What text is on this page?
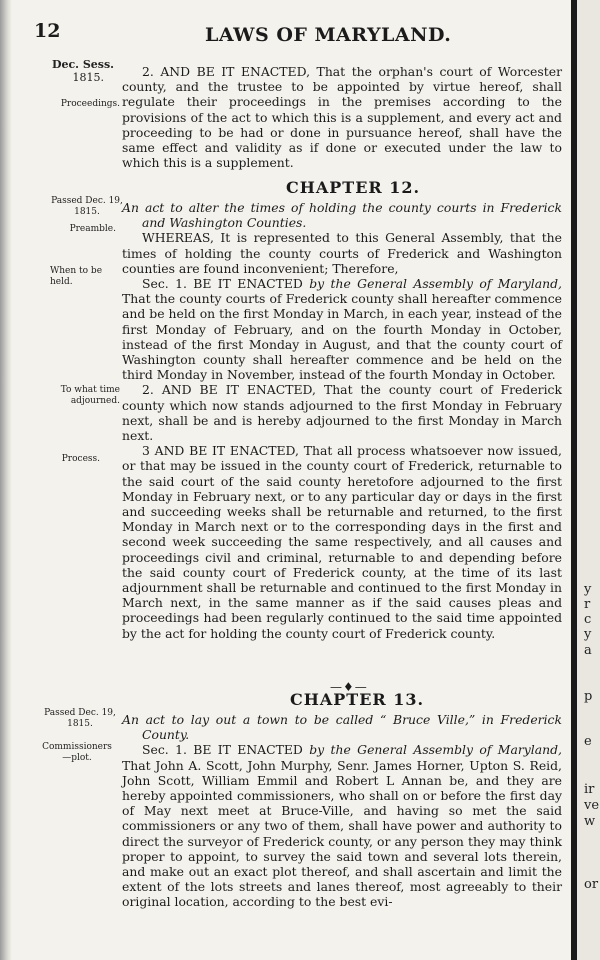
y
r
c
y
a
p
e
ir
ve
w
or
12	LAWS OF MARYLAND.
Dec. Sess.
1815.
Proceedings.
Passed Dec. 19, 1815.
Preamble.
When to be held.
To what time adjourned.
Process.
Passed Dec. 19, 1815.
Commissioners—plot.

2. AND BE IT ENACTED, That the orphan's court of Worcester county, and the trustee to be appointed by virtue hereof, shall regulate their proceedings in the premises according to the provisions of the act to which this is a supplement, and every act and proceeding to be had or done in pursuance hereof, shall have the same effect and validity as if done or executed under the law to which this is a supplement.

CHAPTER 12.

An act to alter the times of holding the county courts in Frederick and Washington Counties.

WHEREAS, It is represented to this General Assembly, that the times of holding the county courts of Frederick and Washington counties are found inconvenient; Therefore,

Sec. 1. BE IT ENACTED by the General Assembly of Maryland, That the county courts of Frederick county shall hereafter commence and be held on the first Monday in March, in each year, instead of the first Monday of February, and on the fourth Monday in October, instead of the first Monday in August, and that the county court of Washington county shall hereafter commence and be held on the third Monday in November, instead of the fourth Monday in October.

2. AND BE IT ENACTED, That the county court of Frederick county which now stands adjourned to the first Monday in February next, shall be and is hereby adjourned to the first Monday in March next.

3 AND BE IT ENACTED, That all process whatsoever now issued, or that may be issued in the county court of Frederick, returnable to the said court of the said county heretofore adjourned to the first Monday in February next, or to any particular day or days in the first and succeeding weeks shall be returnable and returned, to the first Monday in March next or to the corresponding days in the first and second week succeeding the same respectively, and all causes and proceedings civil and criminal, returnable to and depending before the said county court of Frederick county, at the time of its last adjournment shall be returnable and continued to the first Monday in March next, in the same manner as if the said causes pleas and proceedings had been regularly continued to the said time appointed by the act for holding the county court of Frederick county.

—♦—
CHAPTER 13.

An act to lay out a town to be called “ Bruce Ville,” in Frederick County.

Sec. 1. BE IT ENACTED by the General Assembly of Maryland, That John A. Scott, John Murphy, Senr. James Horner, Upton S. Reid, John Scott, William Emmil and Robert L Annan be, and they are hereby appointed commissioners, who shall on or before the first day of May next meet at Bruce-Ville, and having so met the said commissioners or any two of them, shall have power and authority to direct the surveyor of Frederick county, or any person they may think proper to appoint, to survey the said town and several lots therein, and make out an exact plot thereof, and shall ascertain and limit the extent of the lots streets and lanes thereof, most agreeably to their original location, according to the best evi-
